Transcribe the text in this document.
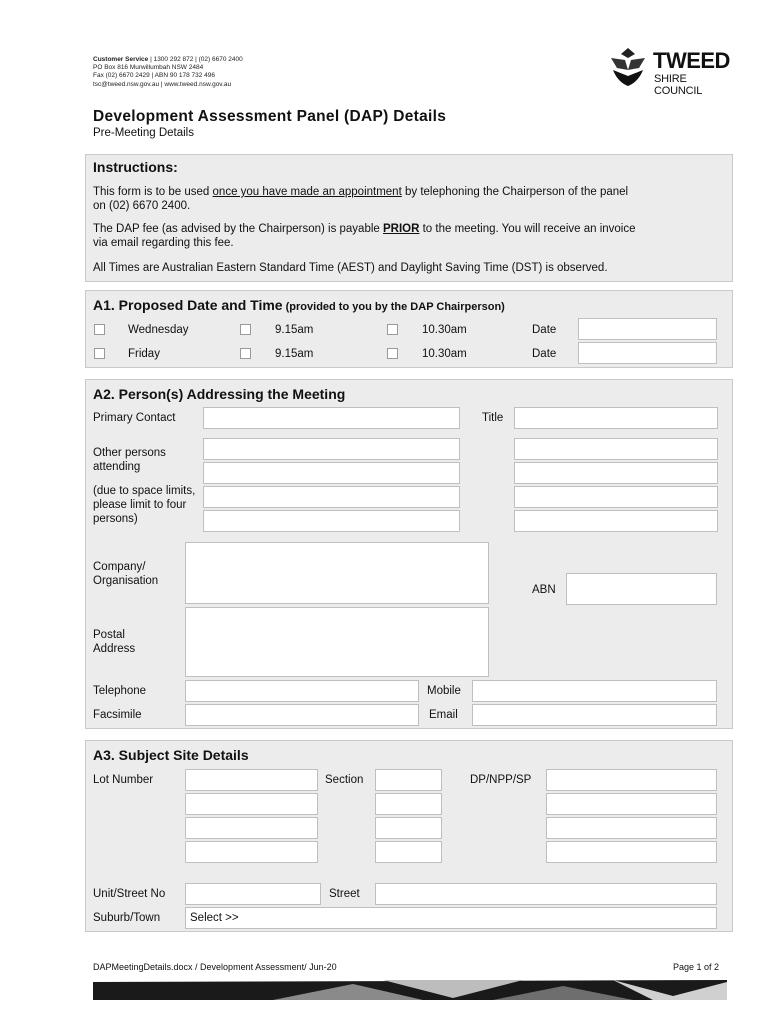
Customer Service | 1300 292 872 | (02) 6670 2400
PO Box 816 Murwillumbah NSW 2484
Fax (02) 6670 2429 | ABN 90 178 732 496
tsc@tweed.nsw.gov.au | www.tweed.nsw.gov.au
TWEED
SHIRE COUNCIL
Development Assessment Panel (DAP) Details
Pre-Meeting Details
Instructions:
This form is to be used once you have made an appointment by telephoning the Chairperson of the panel
on (02) 6670 2400.
The DAP fee (as advised by the Chairperson) is payable PRIOR to the meeting. You will receive an invoice
via email regarding this fee.
All Times are Australian Eastern Standard Time (AEST) and Daylight Saving Time (DST) is observed.
A1. Proposed Date and Time (provided to you by the DAP Chairperson)
Wednesday	9.15am	10.30am	Date
Friday	9.15am	10.30am	Date
A2. Person(s) Addressing the Meeting
Primary Contact	Title
Other persons attending
(due to space limits, please limit to four persons)
Company/ Organisation
ABN
Postal Address
Telephone	Mobile
Facsimile	Email
A3. Subject Site Details
Lot Number	Section	DP/NPP/SP
Unit/Street No	Street
Suburb/Town	Select >>
DAPMeetingDetails.docx / Development Assessment/ Jun-20	Page 1 of 2
